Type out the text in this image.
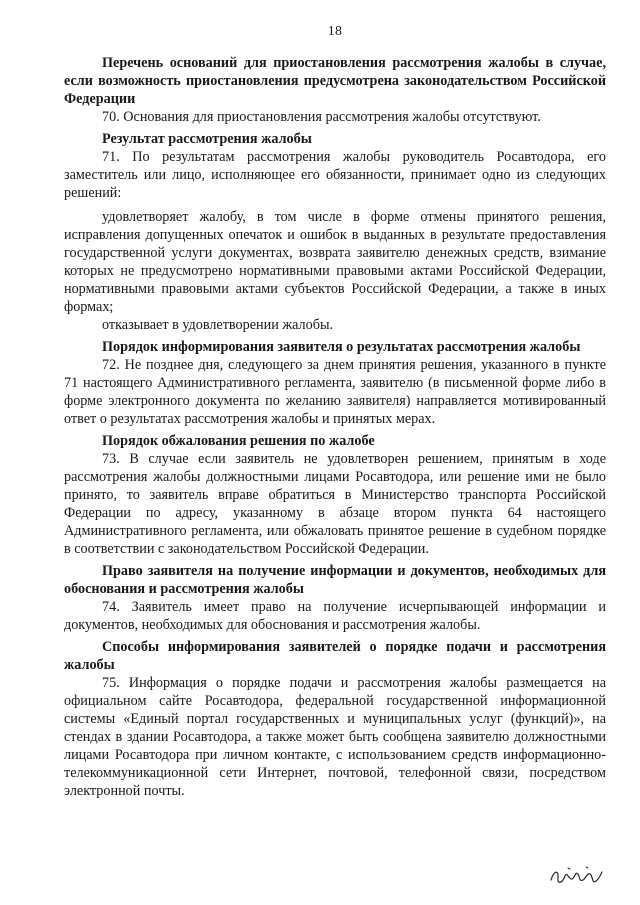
18

Перечень оснований для приостановления рассмотрения жалобы в случае, если возможность приостановления предусмотрена законодательством Российской Федерации

70. Основания для приостановления рассмотрения жалобы отсутствуют.

Результат рассмотрения жалобы

71. По результатам рассмотрения жалобы руководитель Росавтодора, его заместитель или лицо, исполняющее его обязанности, принимает одно из следующих решений:

удовлетворяет жалобу, в том числе в форме отмены принятого решения, исправления допущенных опечаток и ошибок в выданных в результате предоставления государственной услуги документах, возврата заявителю денежных средств, взимание которых не предусмотрено нормативными правовыми актами Российской Федерации, нормативными правовыми актами субъектов Российской Федерации, а также в иных формах;

отказывает в удовлетворении жалобы.

Порядок информирования заявителя о результатах рассмотрения жалобы

72. Не позднее дня, следующего за днем принятия решения, указанного в пункте 71 настоящего Административного регламента, заявителю (в письменной форме либо в форме электронного документа по желанию заявителя) направляется мотивированный ответ о результатах рассмотрения жалобы и принятых мерах.

Порядок обжалования решения по жалобе

73. В случае если заявитель не удовлетворен решением, принятым в ходе рассмотрения жалобы должностными лицами Росавтодора, или решение ими не было принято, то заявитель вправе обратиться в Министерство транспорта Российской Федерации по адресу, указанному в абзаце втором пункта 64 настоящего Административного регламента, или обжаловать принятое решение в судебном порядке в соответствии с законодательством Российской Федерации.

Право заявителя на получение информации и документов, необходимых для обоснования и рассмотрения жалобы

74. Заявитель имеет право на получение исчерпывающей информации и документов, необходимых для обоснования и рассмотрения жалобы.

Способы информирования заявителей о порядке подачи и рассмотрения жалобы

75. Информация о порядке подачи и рассмотрения жалобы размещается на официальном сайте Росавтодора, федеральной государственной информационной системы «Единый портал государственных и муниципальных услуг (функций)», на стендах в здании Росавтодора, а также может быть сообщена заявителю должностными лицами Росавтодора при личном контакте, с использованием средств информационно-телекоммуникационной сети Интернет, почтовой, телефонной связи, посредством электронной почты.
